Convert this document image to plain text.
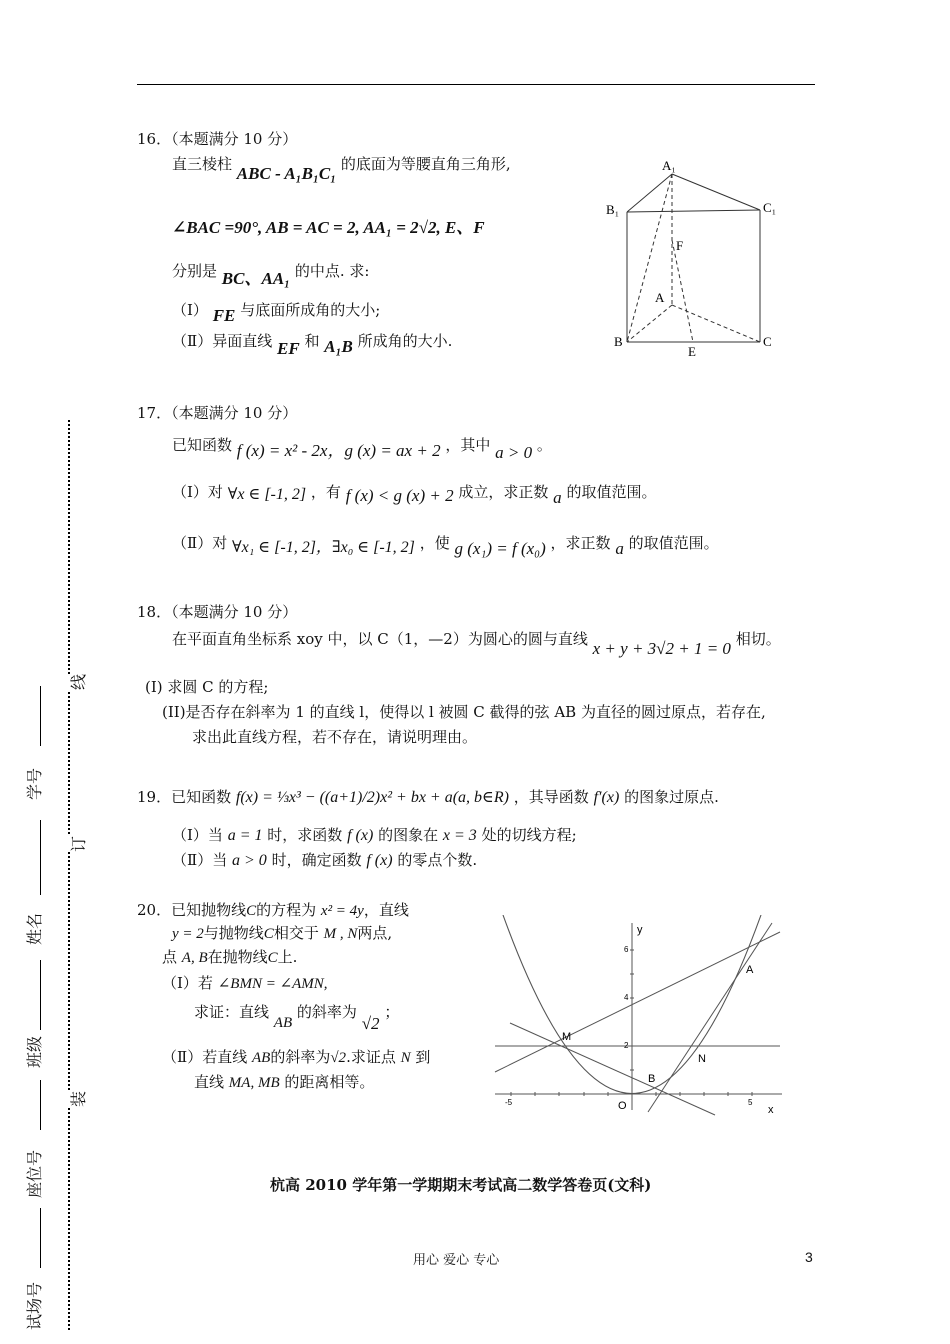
16．（本题满分 10 分）
直三棱柱 ABC - A₁B₁C₁ 的底面为等腰直角三角形,
∠BAC =90°, AB = AC = 2, AA₁ = 2√2, E、F
分别是 BC、AA₁ 的中点. 求:
（Ⅰ） FE 与底面所成角的大小;
（Ⅱ）异面直线 EF 和 A₁B 所成角的大小.
A₁
B₁	C₁
F
A
B
E
C
17．（本题满分 10 分）
已知函数 f (x) = x² - 2x，g (x) = ax + 2 ，其中 a > 0 。
（Ⅰ）对 ∀x ∈ [-1, 2] ，有 f (x) < g (x) + 2 成立，求正数 a 的取值范围。
（Ⅱ）对 ∀x₁ ∈ [-1, 2]，∃x₀ ∈ [-1, 2] ，使 g (x₁) = f (x₀) ，求正数 a 的取值范围。
18．（本题满分 10 分）
在平面直角坐标系 xoy 中，以 C（1，—2）为圆心的圆与直线 x + y + 3√2 + 1 = 0 相切。
(I) 求圆 C 的方程;
(II)是否存在斜率为 1 的直线 l，使得以 l 被圆 C 截得的弦 AB 为直径的圆过原点，若存在,
求出此直线方程，若不存在，请说明理由。
19．已知函数 f(x) = ⅓x³ − ((a+1)/2)x² + bx + a(a, b∈R) ，其导函数 f′(x) 的图象过原点.
（Ⅰ）当 a = 1 时，求函数 f (x) 的图象在 x = 3 处的切线方程;
（Ⅱ）当 a > 0 时，确定函数 f (x) 的零点个数.
20．已知抛物线C的方程为 x² = 4y，直线
y = 2与抛物线C相交于 M , N两点,
点 A, B在抛物线C上.
（Ⅰ）若 ∠BMN = ∠AMN,
求证：直线 AB 的斜率为 √2 ；
（Ⅱ）若直线 AB的斜率为√2.求证点 N 到
直线 MA, MB 的距离相等。
y
x
6
4
2
-5	5
M
A
B
N
O
杭高 2010 学年第一学期期末考试高二数学答卷页(文科)
用心 爱心 专心	3
线
订
装
学号
姓名
班级
座位号
试场号
